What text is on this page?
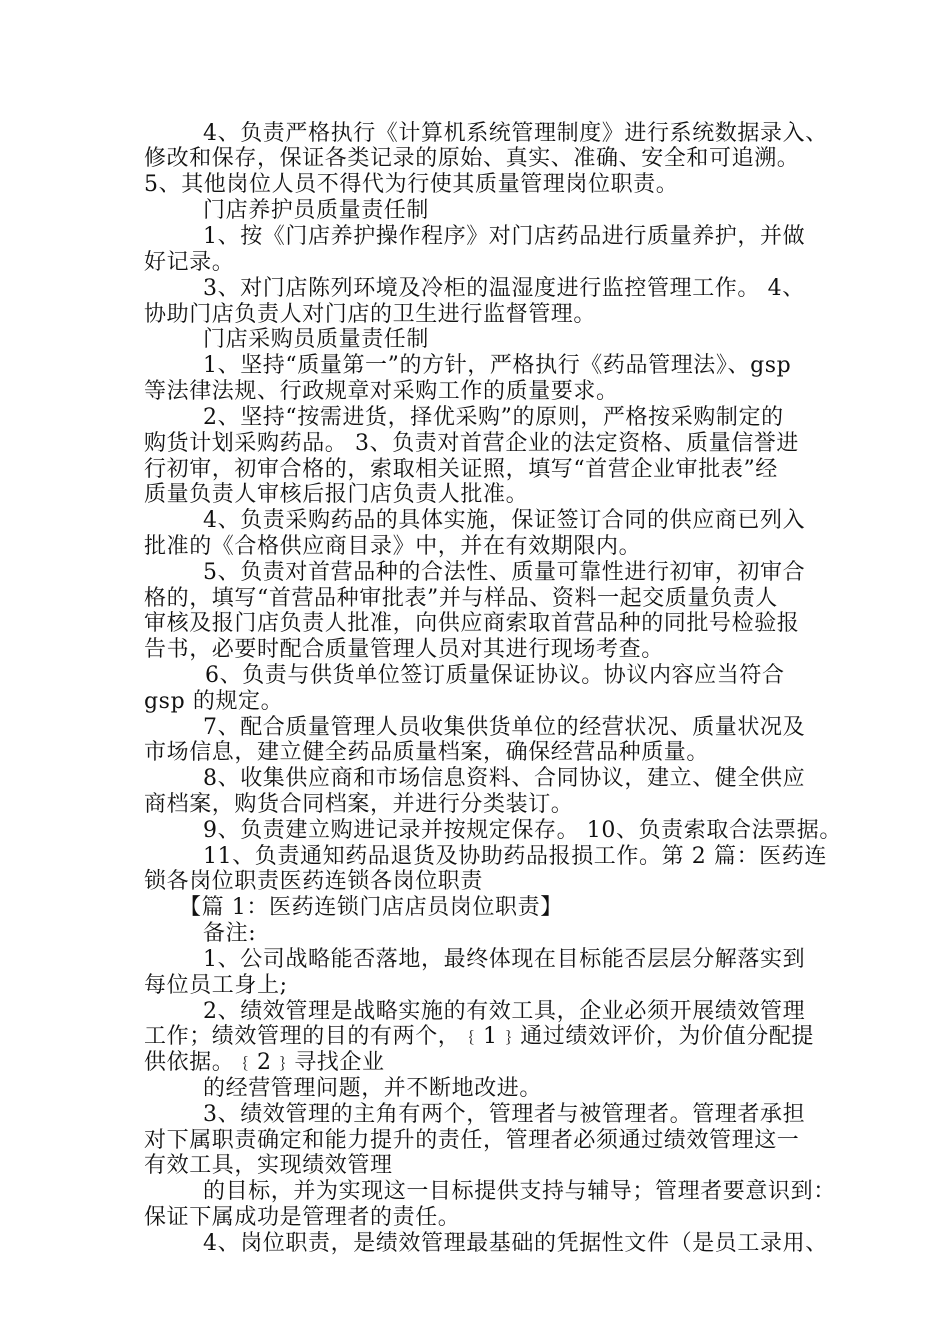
4、负责严格执行《计算机系统管理制度》进行系统数据录入、
修改和保存，保证各类记录的原始、真实、准确、安全和可追溯。
5、其他岗位人员不得代为行使其质量管理岗位职责。
门店养护员质量责任制
1、按《门店养护操作程序》对门店药品进行质量养护，并做
好记录。
3、对门店陈列环境及冷柜的温湿度进行监控管理工作。 4、
协助门店负责人对门店的卫生进行监督管理。
门店采购员质量责任制
1、坚持“质量第一”的方针，严格执行《药品管理法》、gsp
等法律法规、行政规章对采购工作的质量要求。
2、坚持“按需进货，择优采购”的原则，严格按采购制定的
购货计划采购药品。 3、负责对首营企业的法定资格、质量信誉进
行初审，初审合格的，索取相关证照，填写“首营企业审批表”经
质量负责人审核后报门店负责人批准。
4、负责采购药品的具体实施，保证签订合同的供应商已列入
批准的《合格供应商目录》中，并在有效期限内。
5、负责对首营品种的合法性、质量可靠性进行初审，初审合
格的，填写“首营品种审批表”并与样品、资料一起交质量负责人
审核及报门店负责人批准，向供应商索取首营品种的同批号检验报
告书，必要时配合质量管理人员对其进行现场考查。
6、负责与供货单位签订质量保证协议。协议内容应当符合
gsp 的规定。
7、配合质量管理人员收集供货单位的经营状况、质量状况及
市场信息，建立健全药品质量档案，确保经营品种质量。
8、收集供应商和市场信息资料、合同协议，建立、健全供应
商档案，购货合同档案，并进行分类装订。
9、负责建立购进记录并按规定保存。 10、负责索取合法票据。
11、负责通知药品退货及协助药品报损工作。第 2 篇：医药连
锁各岗位职责医药连锁各岗位职责
【篇 1：医药连锁门店店员岗位职责】
备注:
1、公司战略能否落地，最终体现在目标能否层层分解落实到
每位员工身上;
2、绩效管理是战略实施的有效工具，企业必须开展绩效管理
工作；绩效管理的目的有两个，﹛1﹜通过绩效评价，为价值分配提
供依据。﹛2﹜寻找企业
的经营管理问题，并不断地改进。
3、绩效管理的主角有两个，管理者与被管理者。管理者承担
对下属职责确定和能力提升的责任，管理者必须通过绩效管理这一
有效工具，实现绩效管理
的目标，并为实现这一目标提供支持与辅导；管理者要意识到：
保证下属成功是管理者的责任。
4、岗位职责，是绩效管理最基础的凭据性文件（是员工录用、
